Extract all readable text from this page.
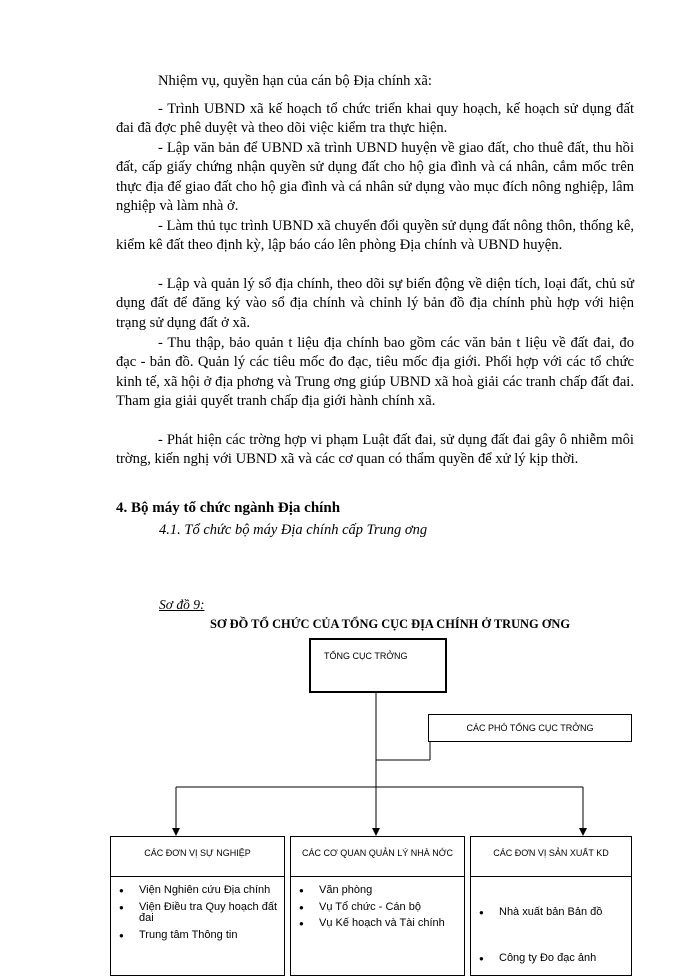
Nhiệm vụ, quyền hạn của cán bộ Địa chính xã:

- Trình UBND xã kế hoạch tổ chức triển khai quy hoạch, kế hoạch sử dụng đất đai đã đợc phê duyệt và theo dõi việc kiểm tra thực hiện.

- Lập văn bản để UBND xã trình UBND huyện về giao đất, cho thuê đất, thu hồi đất, cấp giấy chứng nhận quyền sử dụng đất cho hộ gia đình và cá nhân, cắm mốc trên thực địa để giao đất cho hộ gia đình và cá nhân sử dụng vào mục đích nông nghiệp, lâm nghiệp và làm nhà ở.

- Làm thủ tục trình UBND xã chuyển đổi quyền sử dụng đất nông thôn, thống kê, kiểm kê đất theo định kỳ, lập báo cáo lên phòng Địa chính và UBND huyện.

- Lập và quản lý sổ địa chính, theo dõi sự biến động về diện tích, loại đất, chủ sử dụng đất để đăng ký vào sổ địa chính và chỉnh lý bản đồ địa chính phù hợp với hiện trạng sử dụng đất ở xã.

- Thu thập, bảo quản t liệu địa chính bao gồm các văn bản t liệu về đất đai, đo đạc - bản đồ. Quản lý các tiêu mốc đo đạc, tiêu mốc địa giới. Phối hợp với các tổ chức kinh tế, xã hội ở địa phơng và Trung ơng giúp UBND xã hoà giải các tranh chấp đất đai. Tham gia giải quyết tranh chấp địa giới hành chính xã.

- Phát hiện các trờng hợp vi phạm Luật đất đai, sử dụng đất đai gây ô nhiễm môi trờng, kiến nghị với UBND xã và các cơ quan có thẩm quyền để xử lý kịp thời.

4. Bộ máy tổ chức ngành Địa chính

4.1. Tổ chức bộ máy Địa chính cấp Trung ơng

Sơ đồ 9:

SƠ ĐỒ TỔ CHỨC CỦA TỔNG CỤC ĐỊA CHÍNH Ở TRUNG ƠNG

TỔNG CỤC TRỞNG
CÁC PHÓ TỔNG CỤC TRỞNG
CÁC ĐƠN VỊ SỰ NGHIỆP
● Viện Nghiên cứu Địa chính
● Viện Điều tra Quy hoạch đất đai
● Trung tâm Thông tin
CÁC CƠ QUAN QUẢN LÝ NHÀ NỚC
● Văn phòng
● Vụ Tổ chức - Cán bộ
● Vụ Kế hoạch và Tài chính
CÁC ĐƠN VỊ SẢN XUẤT KD
● Nhà xuất bản Bản đồ
● Công ty Đo đạc ảnh
